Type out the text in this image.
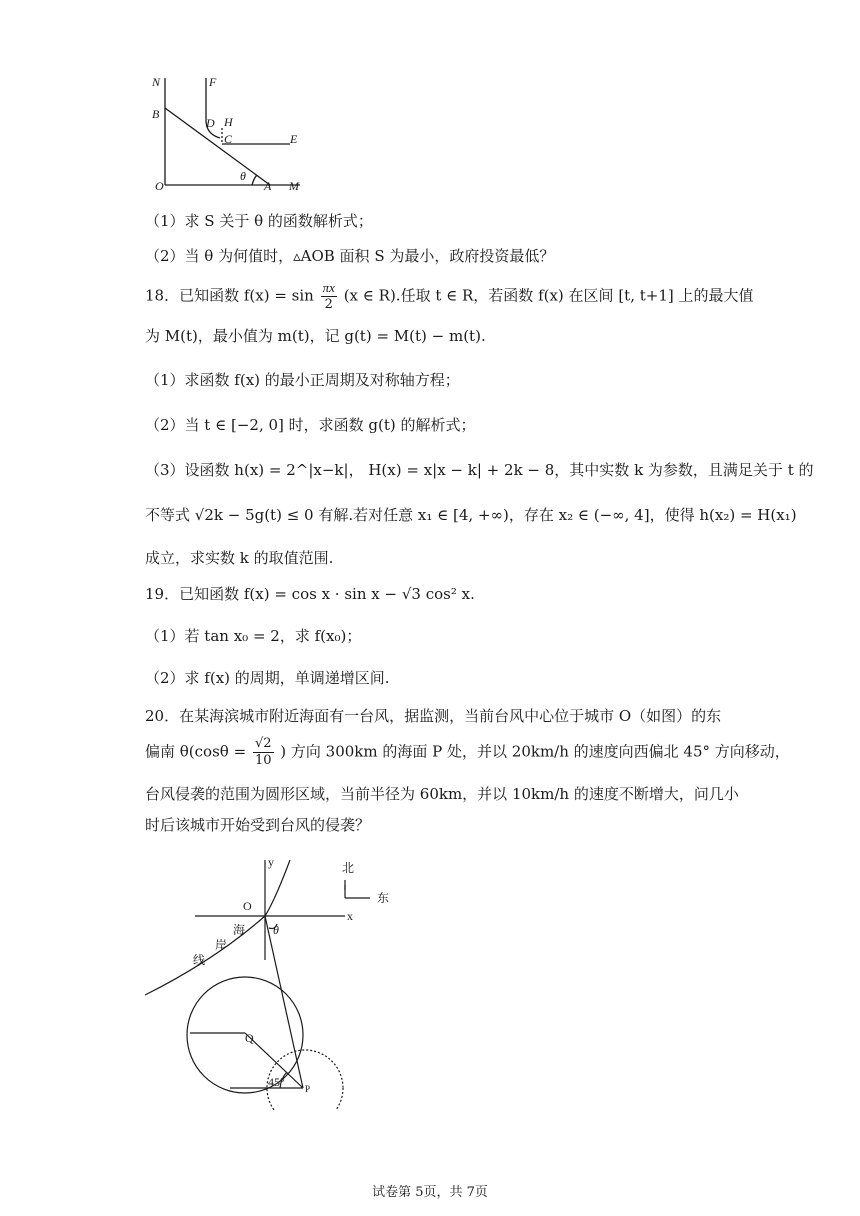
N	F
B
D H
C	E
O
θ
A M
（1）求 S 关于 θ 的函数解析式；
（2）当 θ 为何值时，▵AOB 面积 S 为最小，政府投资最低？
18．已知函数 $f(x) = \sin \frac{\pi x}{2} (x$ ∈ R).任取 t ∈ R，若函数 f(x) 在区间 [t, t+1] 上的最大值
为 M(t)，最小值为 m(t)，记 g(t) = M(t) − m(t).
（1）求函数 f(x) 的最小正周期及对称轴方程；
（2）当 t ∈ [−2, 0] 时，求函数 g(t) 的解析式；
（3）设函数 h(x) = 2^|x−k|， H(x) = x|x − k| + 2k − 8，其中实数 k 为参数，且满足关于 t 的
不等式 √2k − 5g(t) ≤ 0 有解.若对任意 x₁ ∈ [4, +∞)，存在 x₂ ∈ (−∞, 4]，使得 h(x₂) = H(x₁)
成立，求实数 k 的取值范围.
19．已知函数 f(x) = cos x · sin x − √3 cos² x.
（1）若 tan x₀ = 2，求 f(x₀)；
（2）求 f(x) 的周期，单调递增区间.
20．在某海滨城市附近海面有一台风，据监测，当前台风中心位于城市 O（如图）的东
偏南 $\theta(\cos\theta = \frac{√2}{10}$ ) 方向 300km 的海面 P 处，并以 20km/h 的速度向西偏北 45° 方向移动，
台风侵袭的范围为圆形区域，当前半径为 60km，并以 10km/h 的速度不断增大，问几小
时后该城市开始受到台风的侵袭？
y
O
x
北
东
海
岸
线
θ
Q
45° P
试卷第 5页，共 7页
